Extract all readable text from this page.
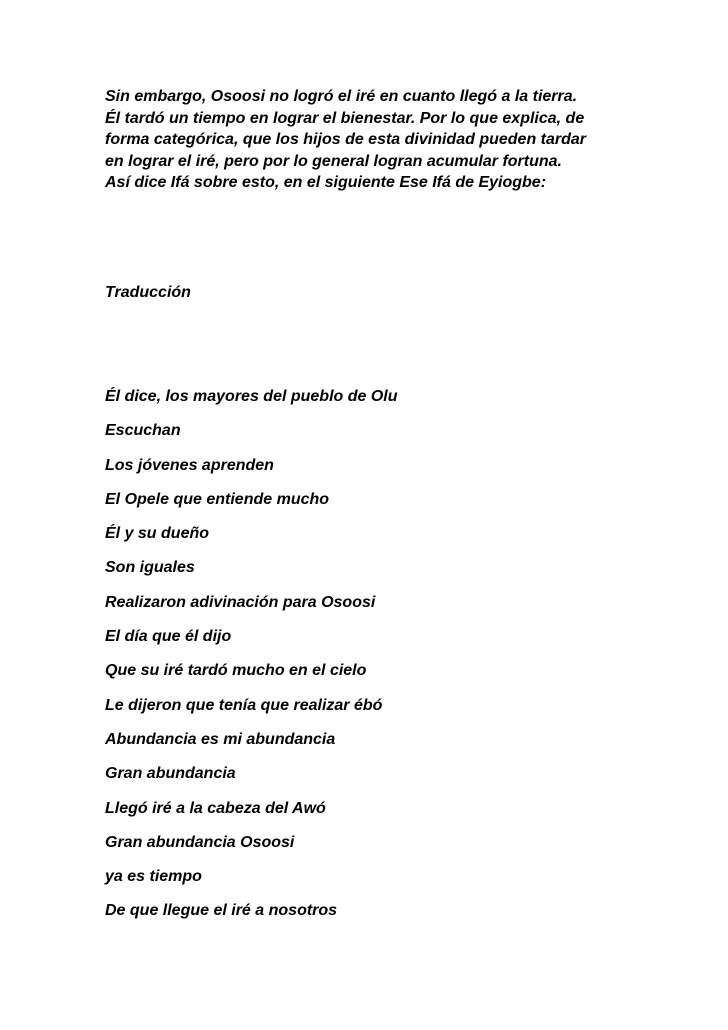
Sin embargo, Osoosi no logró el iré en cuanto llegó a la tierra.
Él tardó un tiempo en lograr el bienestar. Por lo que explica, de
forma categórica, que los hijos de esta divinidad pueden tardar
en lograr el iré, pero por lo general logran acumular fortuna.
Así dice Ifá sobre esto, en el siguiente Ese Ifá de Eyiogbe:
Traducción
Él dice, los mayores del pueblo de Olu
Escuchan
Los jóvenes aprenden
El Opele que entiende mucho
Él y su dueño
Son iguales
Realizaron adivinación para Osoosi
El día que él dijo
Que su iré tardó mucho en el cielo
Le dijeron que tenía que realizar ébó
Abundancia es mi abundancia
Gran abundancia
Llegó iré a la cabeza del Awó
Gran abundancia Osoosi
ya es tiempo
De que llegue el iré a nosotros
